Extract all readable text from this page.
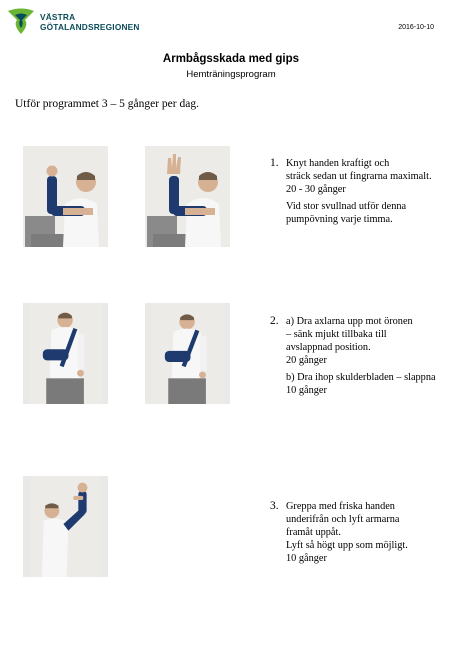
VÄSTRA
GÖTALANDSREGIONEN	2016-10-10
Armbågsskada med gips
Hemträningsprogram
Utför programmet 3 – 5 gånger per dag.
1. Knyt handen kraftigt och

sträck sedan ut fingrarna maximalt.

20 - 30 gånger

Vid stor svullnad utför denna

pumpövning varje timma.

2. a) Dra axlarna upp mot öronen

– sänk mjukt tillbaka till

avslappnad position.

20 gånger

b) Dra ihop skulderbladen – slappna

10 gånger

3. Greppa med friska handen

underifrån och lyft armarna

framåt uppåt.

Lyft så högt upp som möjligt.

10 gånger
